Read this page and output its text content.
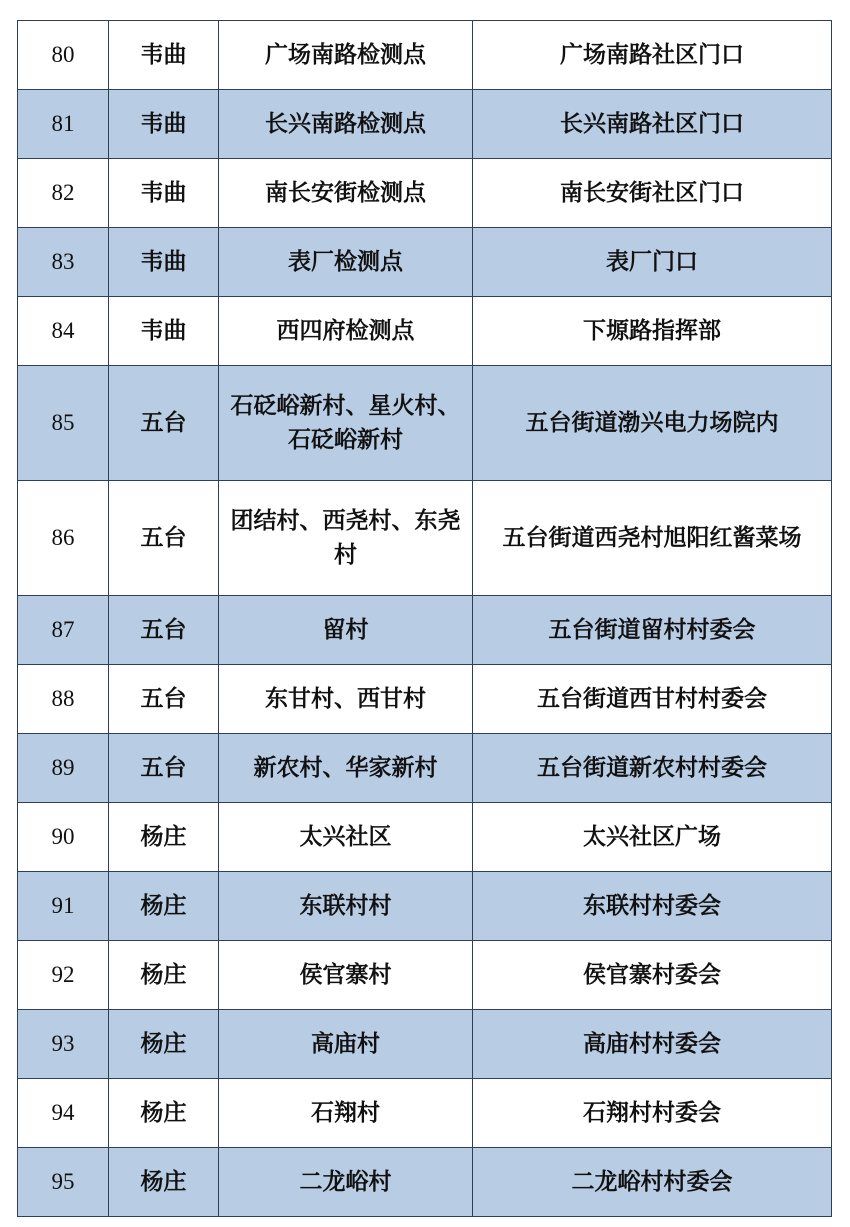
80	韦曲	广场南路检测点	广场南路社区门口
81	韦曲	长兴南路检测点	长兴南路社区门口
82	韦曲	南长安街检测点	南长安街社区门口
83	韦曲	表厂检测点	表厂门口
84	韦曲	西四府检测点	下塬路指挥部
85	五台	石砭峪新村、星火村、石砭峪新村	五台街道渤兴电力场院内
86	五台	团结村、西尧村、东尧村	五台街道西尧村旭阳红酱菜场
87	五台	留村	五台街道留村村委会
88	五台	东甘村、西甘村	五台街道西甘村村委会
89	五台	新农村、华家新村	五台街道新农村村委会
90	杨庄	太兴社区	太兴社区广场
91	杨庄	东联村村	东联村村委会
92	杨庄	侯官寨村	侯官寨村委会
93	杨庄	高庙村	高庙村村委会
94	杨庄	石翔村	石翔村村委会
95	杨庄	二龙峪村	二龙峪村村委会
